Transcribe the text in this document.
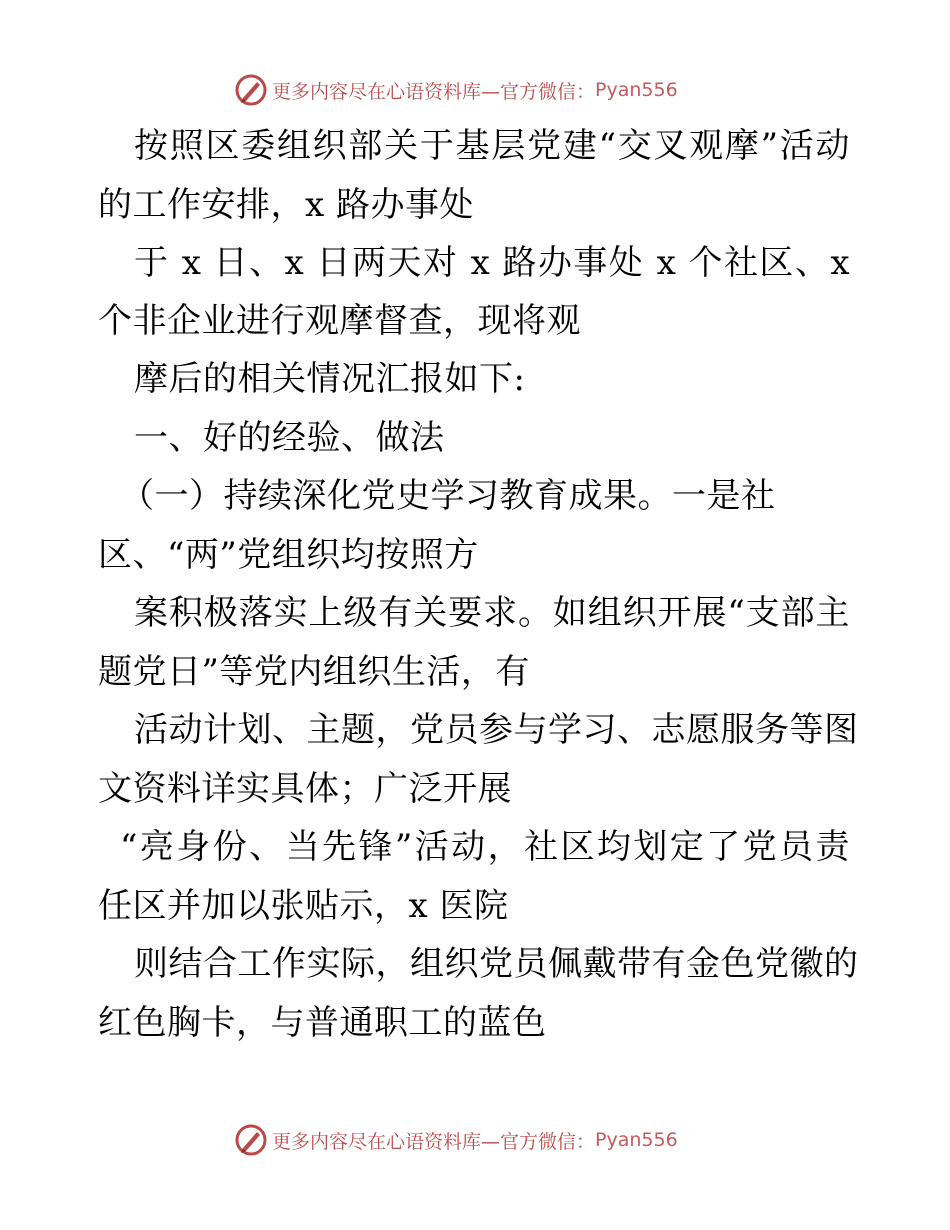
更多内容尽在心语资料库—官方微信： Pyan556
按照区委组织部关于基层党建“交叉观摩”活动
的工作安排，x 路办事处
于 x 日、x 日两天对 x 路办事处 x 个社区、x
个非企业进行观摩督查，现将观
摩后的相关情况汇报如下:
一、好的经验、做法
（一）持续深化党史学习教育成果。一是社
区、“两”党组织均按照方
案积极落实上级有关要求。如组织开展“支部主
题党日”等党内组织生活，有
活动计划、主题，党员参与学习、志愿服务等图
文资料详实具体；广泛开展
“亮身份、当先锋”活动，社区均划定了党员责
任区并加以张贴示，x 医院
则结合工作实际，组织党员佩戴带有金色党徽的
红色胸卡，与普通职工的蓝色
更多内容尽在心语资料库—官方微信： Pyan556
